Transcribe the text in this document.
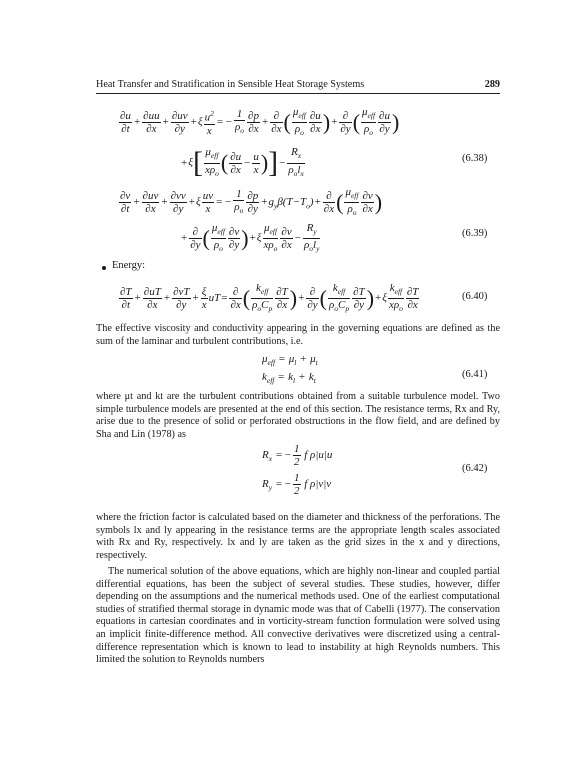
Heat Transfer and Stratification in Sensible Heat Storage Systems	289
$\frac{\partial u}{\partial t} + \frac{\partial uu}{\partial x} + \frac{\partial uv}{\partial y} +\xi \frac{u^2}{x}$ = − $\frac{1}{\rho_o} \frac{\partial p}{\partial x} + \frac{\partial}{\partial x}$ ( $\frac{\mu_{eff}}{\rho_o} \frac{\partial u}{\partial x}$ )+ $\frac{\partial}{\partial y}$ ( $\frac{\mu_{eff}}{\rho_o} \frac{\partial u}{\partial y}$ )
$+\xi[ \frac{\mu_{eff}}{x\rho_o}$ ( $\frac{\partial u}{\partial x} - \frac{u}{x}$ )]− $\frac{R_x}{\rho_ol_x}$	(6.38)
$\frac{\partial v}{\partial t} + \frac{\partial uv}{\partial x} + \frac{\partial vv}{\partial y} +\xi \frac{uv}{x}$ = − $\frac{1}{\rho_o} \frac{\partial p}{\partial y} +g_y\beta(T-T_o)+ \frac{\partial}{\partial x}$ ( $\frac{\mu_{eff}}{\rho_o} \frac{\partial v}{\partial x}$ )
+ $\frac{\partial}{\partial y}$ ( $\frac{\mu_{eff}}{\rho_o} \frac{\partial v}{\partial y} )+\xi \frac{\mu_{eff}}{x\rho_o} \frac{\partial v}{\partial x} - \frac{R_y}{\rho_ol_y}$	(6.39)
Energy:
$\frac{\partial T}{\partial t} + \frac{\partial uT}{\partial x} + \frac{\partial vT}{\partial y} + \frac{\xi}{x} uT= \frac{\partial}{\partial x}$ ( $\frac{k_{eff}}{\rho_oC_p} \frac{\partial T}{\partial x}$ )+ $\frac{\partial}{\partial y}$ ( $\frac{k_{eff}}{\rho_oC_p} \frac{\partial T}{\partial y} )+\xi \frac{k_{eff}}{x\rho_o} \frac{\partial T}{\partial x}$	(6.40)

The effective viscosity and conductivity appearing in the governing equations are defined as the sum of the laminar and turbulent contributions, i.e.

$\mu_{eff} = \mu_l + \mu_t$
$k_{eff} = k_l + k_t$
(6.41)

where μt and kt are the turbulent contributions obtained from a suitable turbulence model. Two simple turbulence models are presented at the end of this section. The resistance terms, Rx and Ry, arise due to the presence of solid or perforated obstructions in the flow field, and are defined by Sha and Lin (1978) as

$R_x$ = − $\frac{1}{2}$ f ρ|u|u
$R_y$ = − $\frac{1}{2}$ f ρ|v|v
(6.42)

where the friction factor is calculated based on the diameter and thickness of the perforations. The symbols lx and ly appearing in the resistance terms are the appropriate length scales associated with Rx and Ry, respectively. lx and ly are taken as the grid sizes in the x and y directions, respectively.

The numerical solution of the above equations, which are highly non-linear and coupled partial differential equations, has been the subject of several studies. These studies, however, differ depending on the assumptions and the numerical methods used. One of the earliest computational studies of stratified thermal storage in dynamic mode was that of Cabelli (1977). The conservation equations in cartesian coordinates and in vorticity-stream function formulation were solved using an implicit finite-difference method. All convective derivatives were discretized using a central-difference representation which is known to lead to instability at high Reynolds numbers. This limited the solution to Reynolds numbers
